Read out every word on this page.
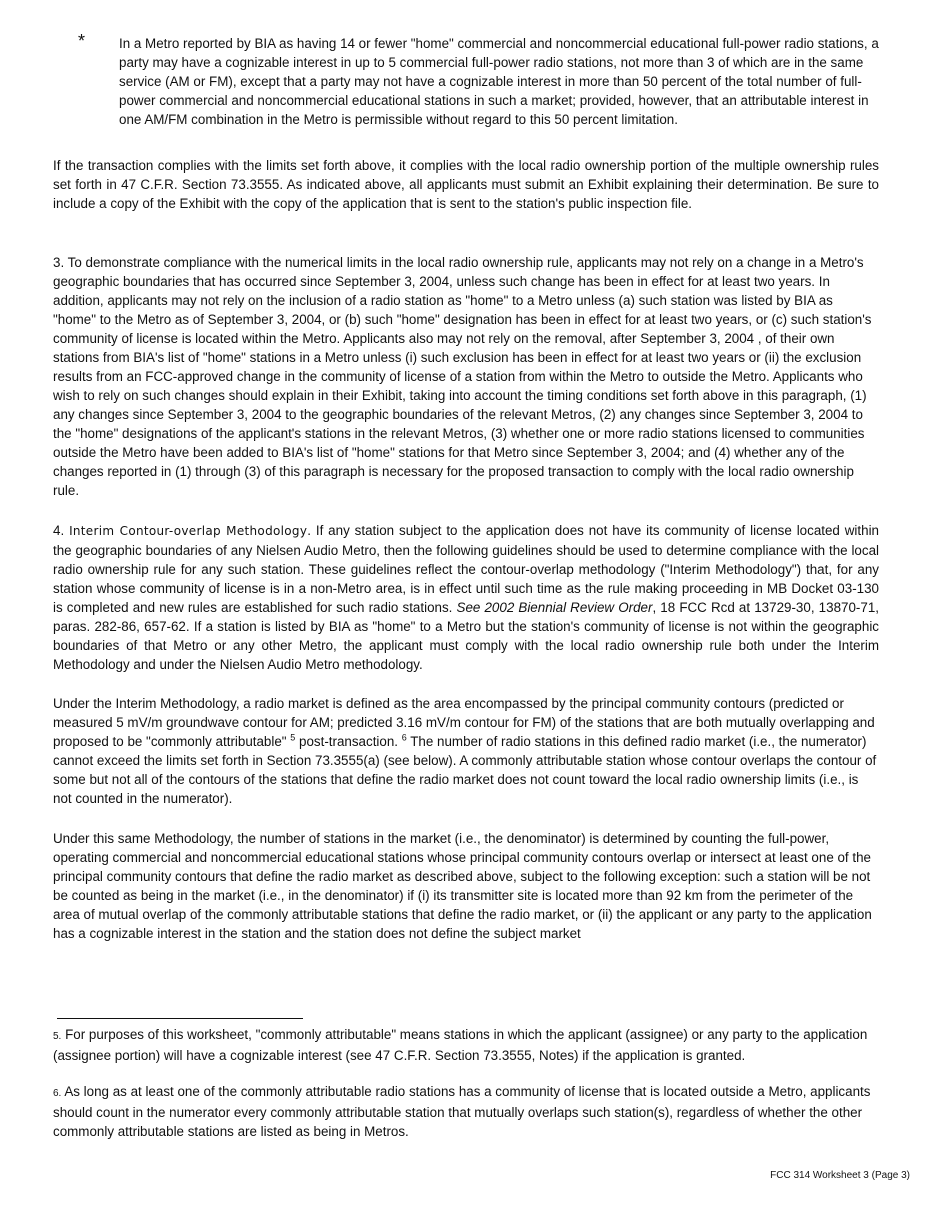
*	In a Metro reported by BIA as having 14 or fewer "home" commercial and noncommercial educational full-power radio stations, a party may have a cognizable interest in up to 5 commercial full-power radio stations, not more than 3 of which are in the same service (AM or FM), except that a party may not have a cognizable interest in more than 50 percent of the total number of full-power commercial and noncommercial educational stations in such a market; provided, however, that an attributable interest in one AM/FM combination in the Metro is permissible without regard to this 50 percent limitation.
If the transaction complies with the limits set forth above, it complies with the local radio ownership portion of the multiple ownership rules set forth in 47 C.F.R. Section 73.3555. As indicated above, all applicants must submit an Exhibit explaining their determination. Be sure to include a copy of the Exhibit with the copy of the application that is sent to the station's public inspection file.
3. To demonstrate compliance with the numerical limits in the local radio ownership rule, applicants may not rely on a change in a Metro's geographic boundaries that has occurred since September 3, 2004, unless such change has been in effect for at least two years. In addition, applicants may not rely on the inclusion of a radio station as "home" to a Metro unless (a) such station was listed by BIA as "home" to the Metro as of September 3, 2004, or (b) such "home" designation has been in effect for at least two years, or (c) such station's community of license is located within the Metro. Applicants also may not rely on the removal, after September 3, 2004 , of their own stations from BIA's list of "home" stations in a Metro unless (i) such exclusion has been in effect for at least two years or (ii) the exclusion results from an FCC-approved change in the community of license of a station from within the Metro to outside the Metro. Applicants who wish to rely on such changes should explain in their Exhibit, taking into account the timing conditions set forth above in this paragraph, (1) any changes since September 3, 2004 to the geographic boundaries of the relevant Metros, (2) any changes since September 3, 2004 to the "home" designations of the applicant's stations in the relevant Metros, (3) whether one or more radio stations licensed to communities outside the Metro have been added to BIA's list of "home" stations for that Metro since September 3, 2004; and (4) whether any of the changes reported in (1) through (3) of this paragraph is necessary for the proposed transaction to comply with the local radio ownership rule.
4. Interim Contour-overlap Methodology. If any station subject to the application does not have its community of license located within the geographic boundaries of any Nielsen Audio Metro, then the following guidelines should be used to determine compliance with the local radio ownership rule for any such station. These guidelines reflect the contour-overlap methodology ("Interim Methodology") that, for any station whose community of license is in a non-Metro area, is in effect until such time as the rule making proceeding in MB Docket 03-130 is completed and new rules are established for such radio stations. See 2002 Biennial Review Order, 18 FCC Rcd at 13729-30, 13870-71, paras. 282-86, 657-62. If a station is listed by BIA as "home" to a Metro but the station's community of license is not within the geographic boundaries of that Metro or any other Metro, the applicant must comply with the local radio ownership rule both under the Interim Methodology and under the Nielsen Audio Metro methodology.
Under the Interim Methodology, a radio market is defined as the area encompassed by the principal community contours (predicted or measured 5 mV/m groundwave contour for AM; predicted 3.16 mV/m contour for FM) of the stations that are both mutually overlapping and proposed to be "commonly attributable" $^5$ post-transaction. $^6$ The number of radio stations in this defined radio market (i.e., the numerator) cannot exceed the limits set forth in Section 73.3555(a) (see below). A commonly attributable station whose contour overlaps the contour of some but not all of the contours of the stations that define the radio market does not count toward the local radio ownership limits (i.e., is not counted in the numerator).
Under this same Methodology, the number of stations in the market (i.e., the denominator) is determined by counting the full-power, operating commercial and noncommercial educational stations whose principal community contours overlap or intersect at least one of the principal community contours that define the radio market as described above, subject to the following exception: such a station will be not be counted as being in the market (i.e., in the denominator) if (i) its transmitter site is located more than 92 km from the perimeter of the area of mutual overlap of the commonly attributable stations that define the radio market, or (ii) the applicant or any party to the application has a cognizable interest in the station and the station does not define the subject market
5. For purposes of this worksheet, "commonly attributable" means stations in which the applicant (assignee) or any party to the application (assignee portion) will have a cognizable interest (see 47 C.F.R. Section 73.3555, Notes) if the application is granted.
6. As long as at least one of the commonly attributable radio stations has a community of license that is located outside a Metro, applicants should count in the numerator every commonly attributable station that mutually overlaps such station(s), regardless of whether the other commonly attributable stations are listed as being in Metros.
FCC 314 Worksheet 3 (Page 3)
